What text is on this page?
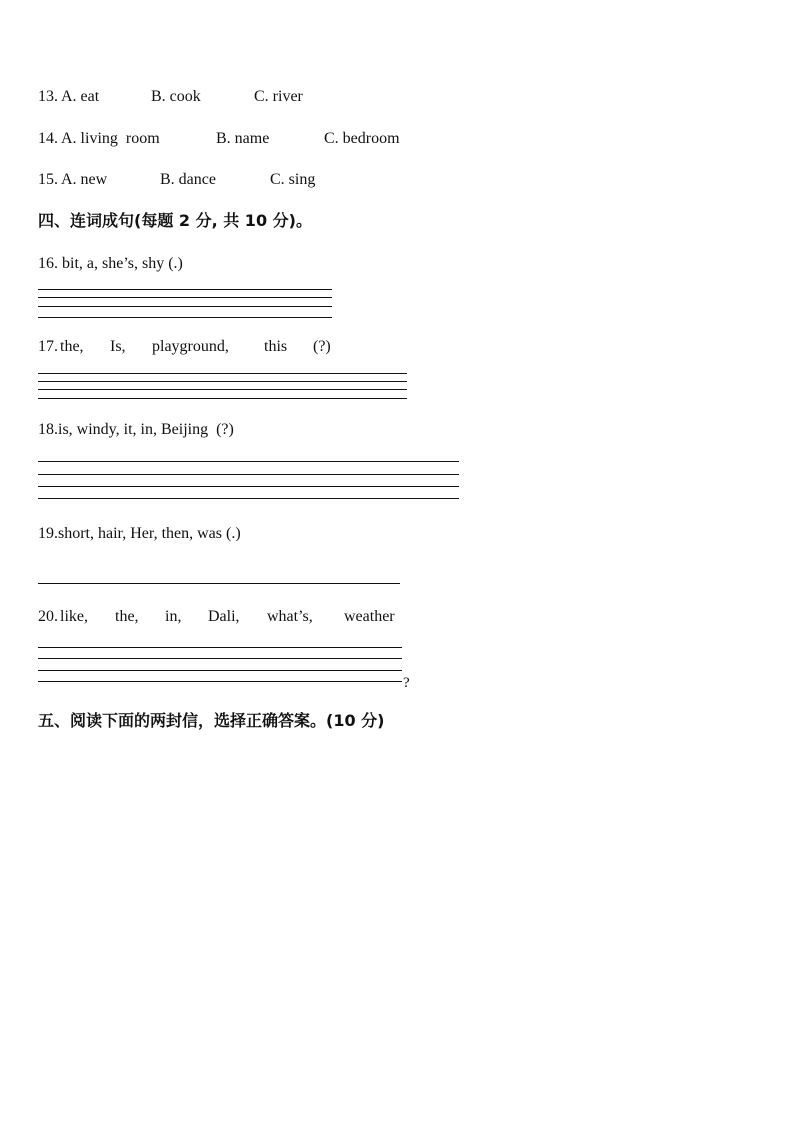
13. A. eat	B. cook	C. river
14. A. living  room	B. name	C. bedroom
15. A. new	B. dance	C. sing
四、连词成句(每题 2 分, 共 10 分)。
16. bit, a, she’s, shy (.)
17. the, Is, playground, this (?)
18.is, windy, it, in, Beijing  (?)
19.short, hair, Her, then, was (.)
20. like, the, in, Dali, what’s, weather
?
五、阅读下面的两封信，选择正确答案。(10 分)
